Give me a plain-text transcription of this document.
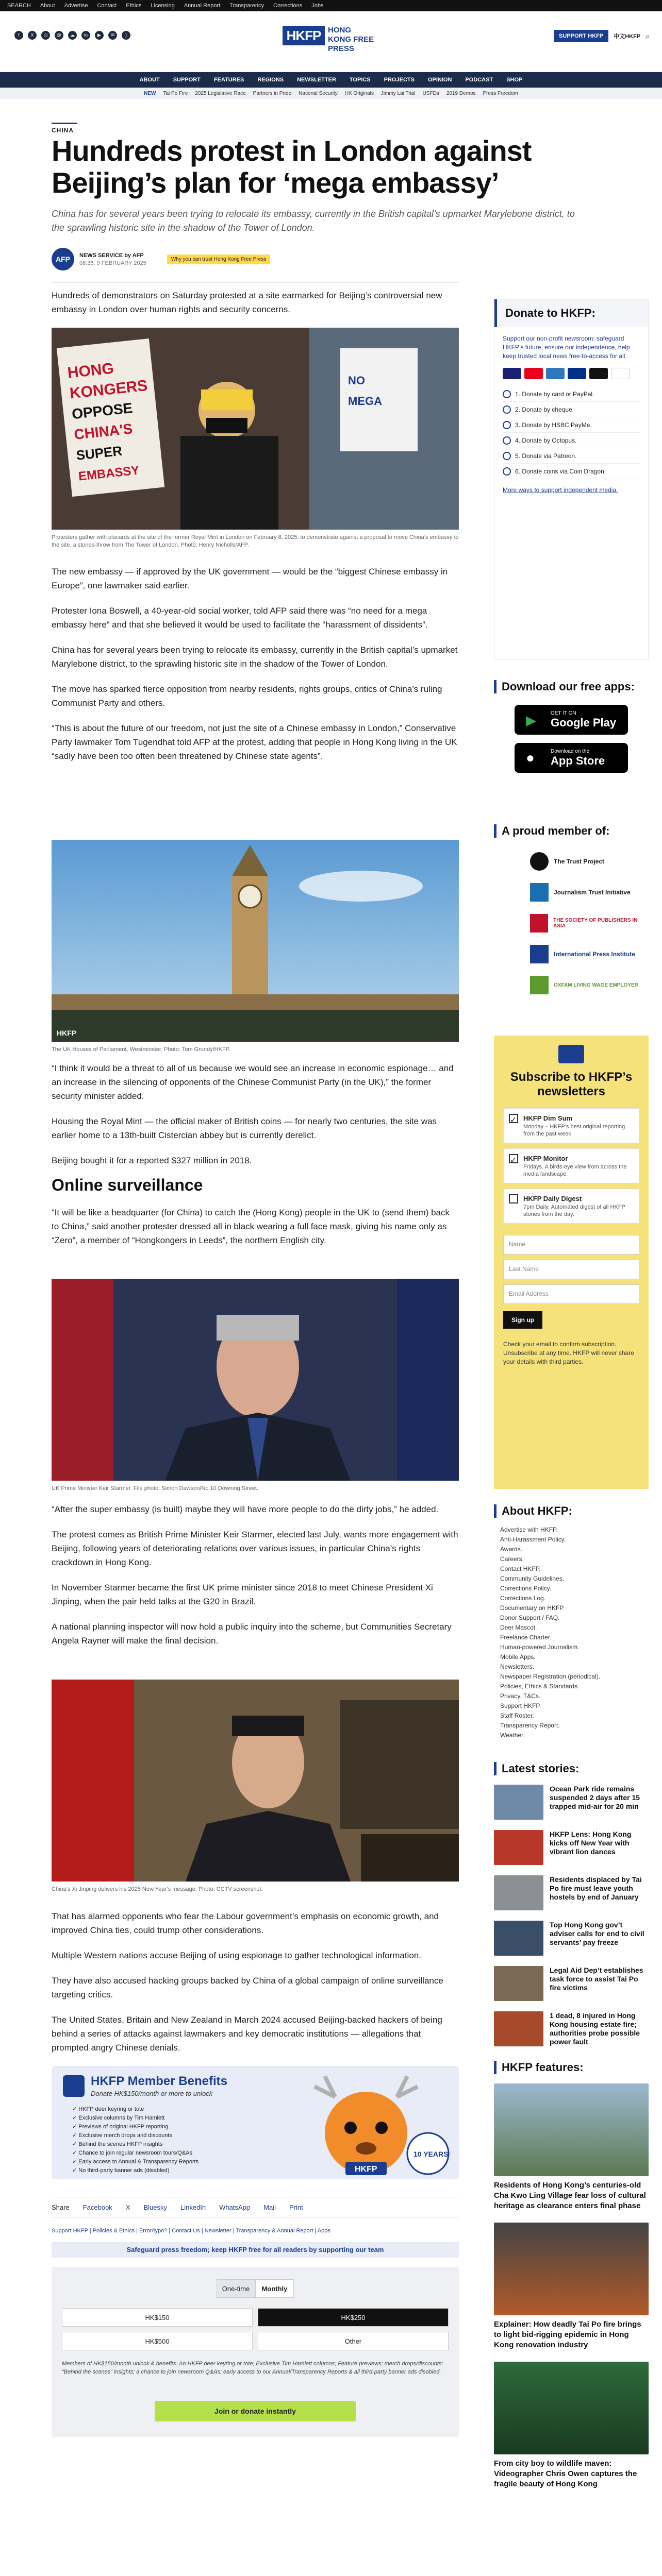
SEARCH About Advertise Contact Ethics Licensing Annual Report Transparency Corrections Jobs
f	X	◎	@	☁	in	▶	✉	)	HKFP HONG KONG FREE PRESS
SUPPORT HKFP	中文HKFP ⌕
ABOUT SUPPORT FEATURES REGIONS NEWSLETTER TOPICS PROJECTS OPINION PODCAST SHOP
NEW Tai Po Fire 2025 Legislative Race Partners in Pride National Security HK Originals Jimmy Lai Trial USFDs 2019 Demos Press Freedom
CHINA
Hundreds protest in London against Beijing’s plan for ‘mega embassy’

China has for several years been trying to relocate its embassy, currently in the British capital’s upmarket Marylebone district, to the sprawling historic site in the shadow of the Tower of London.

AFP	NEWS SERVICE by AFP
08:36, 9 FEBRUARY 2025
Why you can trust Hong Kong Free Press

Hundreds of demonstrators on Saturday protested at a site earmarked for Beijing’s controversial new embassy in London over human rights and security concerns.

HONG
KONGERS
OPPOSE
CHINA'S
SUPER
EMBASSY
NO
MEGA

Protesters gather with placards at the site of the former Royal Mint in London on February 8, 2025, to demonstrate against a proposal to move China’s embassy to the site, a stones-throw from The Tower of London. Photo: Henry Nicholls/AFP.

The new embassy — if approved by the UK government — would be the “biggest Chinese embassy in Europe”, one lawmaker said earlier.

Protester Iona Boswell, a 40-year-old social worker, told AFP said there was “no need for a mega embassy here” and that she believed it would be used to facilitate the “harassment of dissidents”.

China has for several years been trying to relocate its embassy, currently in the British capital’s upmarket Marylebone district, to the sprawling historic site in the shadow of the Tower of London.

The move has sparked fierce opposition from nearby residents, rights groups, critics of China’s ruling Communist Party and others.

“This is about the future of our freedom, not just the site of a Chinese embassy in London,” Conservative Party lawmaker Tom Tugendhat told AFP at the protest, adding that people in Hong Kong living in the UK “sadly have been too often been threatened by Chinese state agents”.

HKFP

The UK Houses of Parliament, Westminster. Photo: Tom Grundy/HKFP.

“I think it would be a threat to all of us because we would see an increase in economic espionage… and an increase in the silencing of opponents of the Chinese Communist Party (in the UK),” the former security minister added.

Housing the Royal Mint — the official maker of British coins — for nearly two centuries, the site was earlier home to a 13th-built Cistercian abbey but is currently derelict.

Beijing bought it for a reported $327 million in 2018.

Online surveillance

“It will be like a headquarter (for China) to catch the (Hong Kong) people in the UK to (send them) back to China,” said another protester dressed all in black wearing a full face mask, giving his name only as “Zero”, a member of “Hongkongers in Leeds”, the northern English city.

UK Prime Minister Keir Starmer. File photo: Simon Dawson/No 10 Downing Street.

“After the super embassy (is built) maybe they will have more people to do the dirty jobs,” he added.

The protest comes as British Prime Minister Keir Starmer, elected last July, wants more engagement with Beijing, following years of deteriorating relations over various issues, in particular China’s rights crackdown in Hong Kong.

In November Starmer became the first UK prime minister since 2018 to meet Chinese President Xi Jinping, when the pair held talks at the G20 in Brazil.

A national planning inspector will now hold a public inquiry into the scheme, but Communities Secretary Angela Rayner will make the final decision.

China’s Xi Jinping delivers his 2025 New Year’s message. Photo: CCTV screenshot.

That has alarmed opponents who fear the Labour government’s emphasis on economic growth, and improved China ties, could trump other considerations.

Multiple Western nations accuse Beijing of using espionage to gather technological information.

They have also accused hacking groups backed by China of a global campaign of online surveillance targeting critics.

The United States, Britain and New Zealand in March 2024 accused Beijing-backed hackers of being behind a series of attacks against lawmakers and key democratic institutions — allegations that prompted angry Chinese denials.

HKFP Member Benefits
Donate HK$150/month or more to unlock
✓ HKFP deer keyring or tote
✓ Exclusive columns by Tim Hamlett
✓ Previews of original HKFP reporting
✓ Exclusive merch drops and discounts
✓ Behind the scenes HKFP insights
✓ Chance to join regular newsroom tours/Q&As
✓ Early access to Annual & Transparency Reports
✓ No third-party banner ads (disabled)	HKFP
10 YEARS
Share Facebook X Bluesky LinkedIn WhatsApp Mail Print
Support HKFP | Policies & Ethics | Error/typo? | Contact Us | Newsletter | Transparency & Annual Report | Apps
Safeguard press freedom; keep HKFP free for all readers by supporting our team
One-time	Monthly
HK$150	HK$250
HK$500	Other

Members of HK$150/month unlock & benefits: An HKFP deer keyring or tote; Exclusive Tim Hamlett columns; Feature previews; merch drops/discounts; “Behind the scenes” insights; a chance to join newsroom Q&As; early access to our Annual/Transparency Reports & all third-party banner ads disabled.

Join or donate instantly
Donate to HKFP:

Support our non-profit newsroom: safeguard HKFP’s future, ensure our independence, help keep trusted local news free-to-access for all.

1. Donate by card or PayPal.
2. Donate by cheque.
3. Donate by HSBC PayMe.
4. Donate by Octopus.
5. Donate via Patreon.
6. Donate coins via Coin Dragon.
More ways to support independent media.
Download our free apps:
▶	GET IT ON
Google Play
●	Download on the
App Store
A proud member of:
The Trust Project
Journalism Trust Initiative
THE SOCIETY OF PUBLISHERS IN ASIA
International Press Institute
OXFAM LIVING WAGE EMPLOYER
Subscribe to HKFP’s newsletters
✓ HKFP Dim Sum

Monday – HKFP’s best original reporting from the past week.

✓ HKFP Monitor

Fridays. A birds-eye view from across the media landscape.

HKFP Daily Digest

7pm Daily. Automated digest of all HKFP stories from the day.

Name
Last Name
Email Address
Sign up

Check your email to confirm subscription. Unsubscribe at any time. HKFP will never share your details with third parties.

About HKFP:
Advertise with HKFP.
Anti-Harassment Policy.
Awards.
Careers.
Contact HKFP.
Community Guidelines.
Corrections Policy.
Corrections Log.
Documentary on HKFP.
Donor Support / FAQ.
Deer Mascot.
Freelance Charter.
Human-powered Journalism.
Mobile Apps.
Newsletters.
Newspaper Registration (periodical).
Policies, Ethics & Standards.
Privacy, T&Cs.
Support HKFP.
Staff Roster.
Transparency Report.
Weather.
Latest stories:
Ocean Park ride remains suspended 2 days after 15 trapped mid-air for 20 min
HKFP Lens: Hong Kong kicks off New Year with vibrant lion dances
Residents displaced by Tai Po fire must leave youth hostels by end of January
Top Hong Kong gov’t adviser calls for end to civil servants’ pay freeze
Legal Aid Dep’t establishes task force to assist Tai Po fire victims
1 dead, 8 injured in Hong Kong housing estate fire; authorities probe possible power fault
HKFP features:
Residents of Hong Kong’s centuries-old Cha Kwo Ling Village fear loss of cultural heritage as clearance enters final phase
Explainer: How deadly Tai Po fire brings to light bid-rigging epidemic in Hong Kong renovation industry
From city boy to wildlife maven: Videographer Chris Owen captures the fragile beauty of Hong Kong
